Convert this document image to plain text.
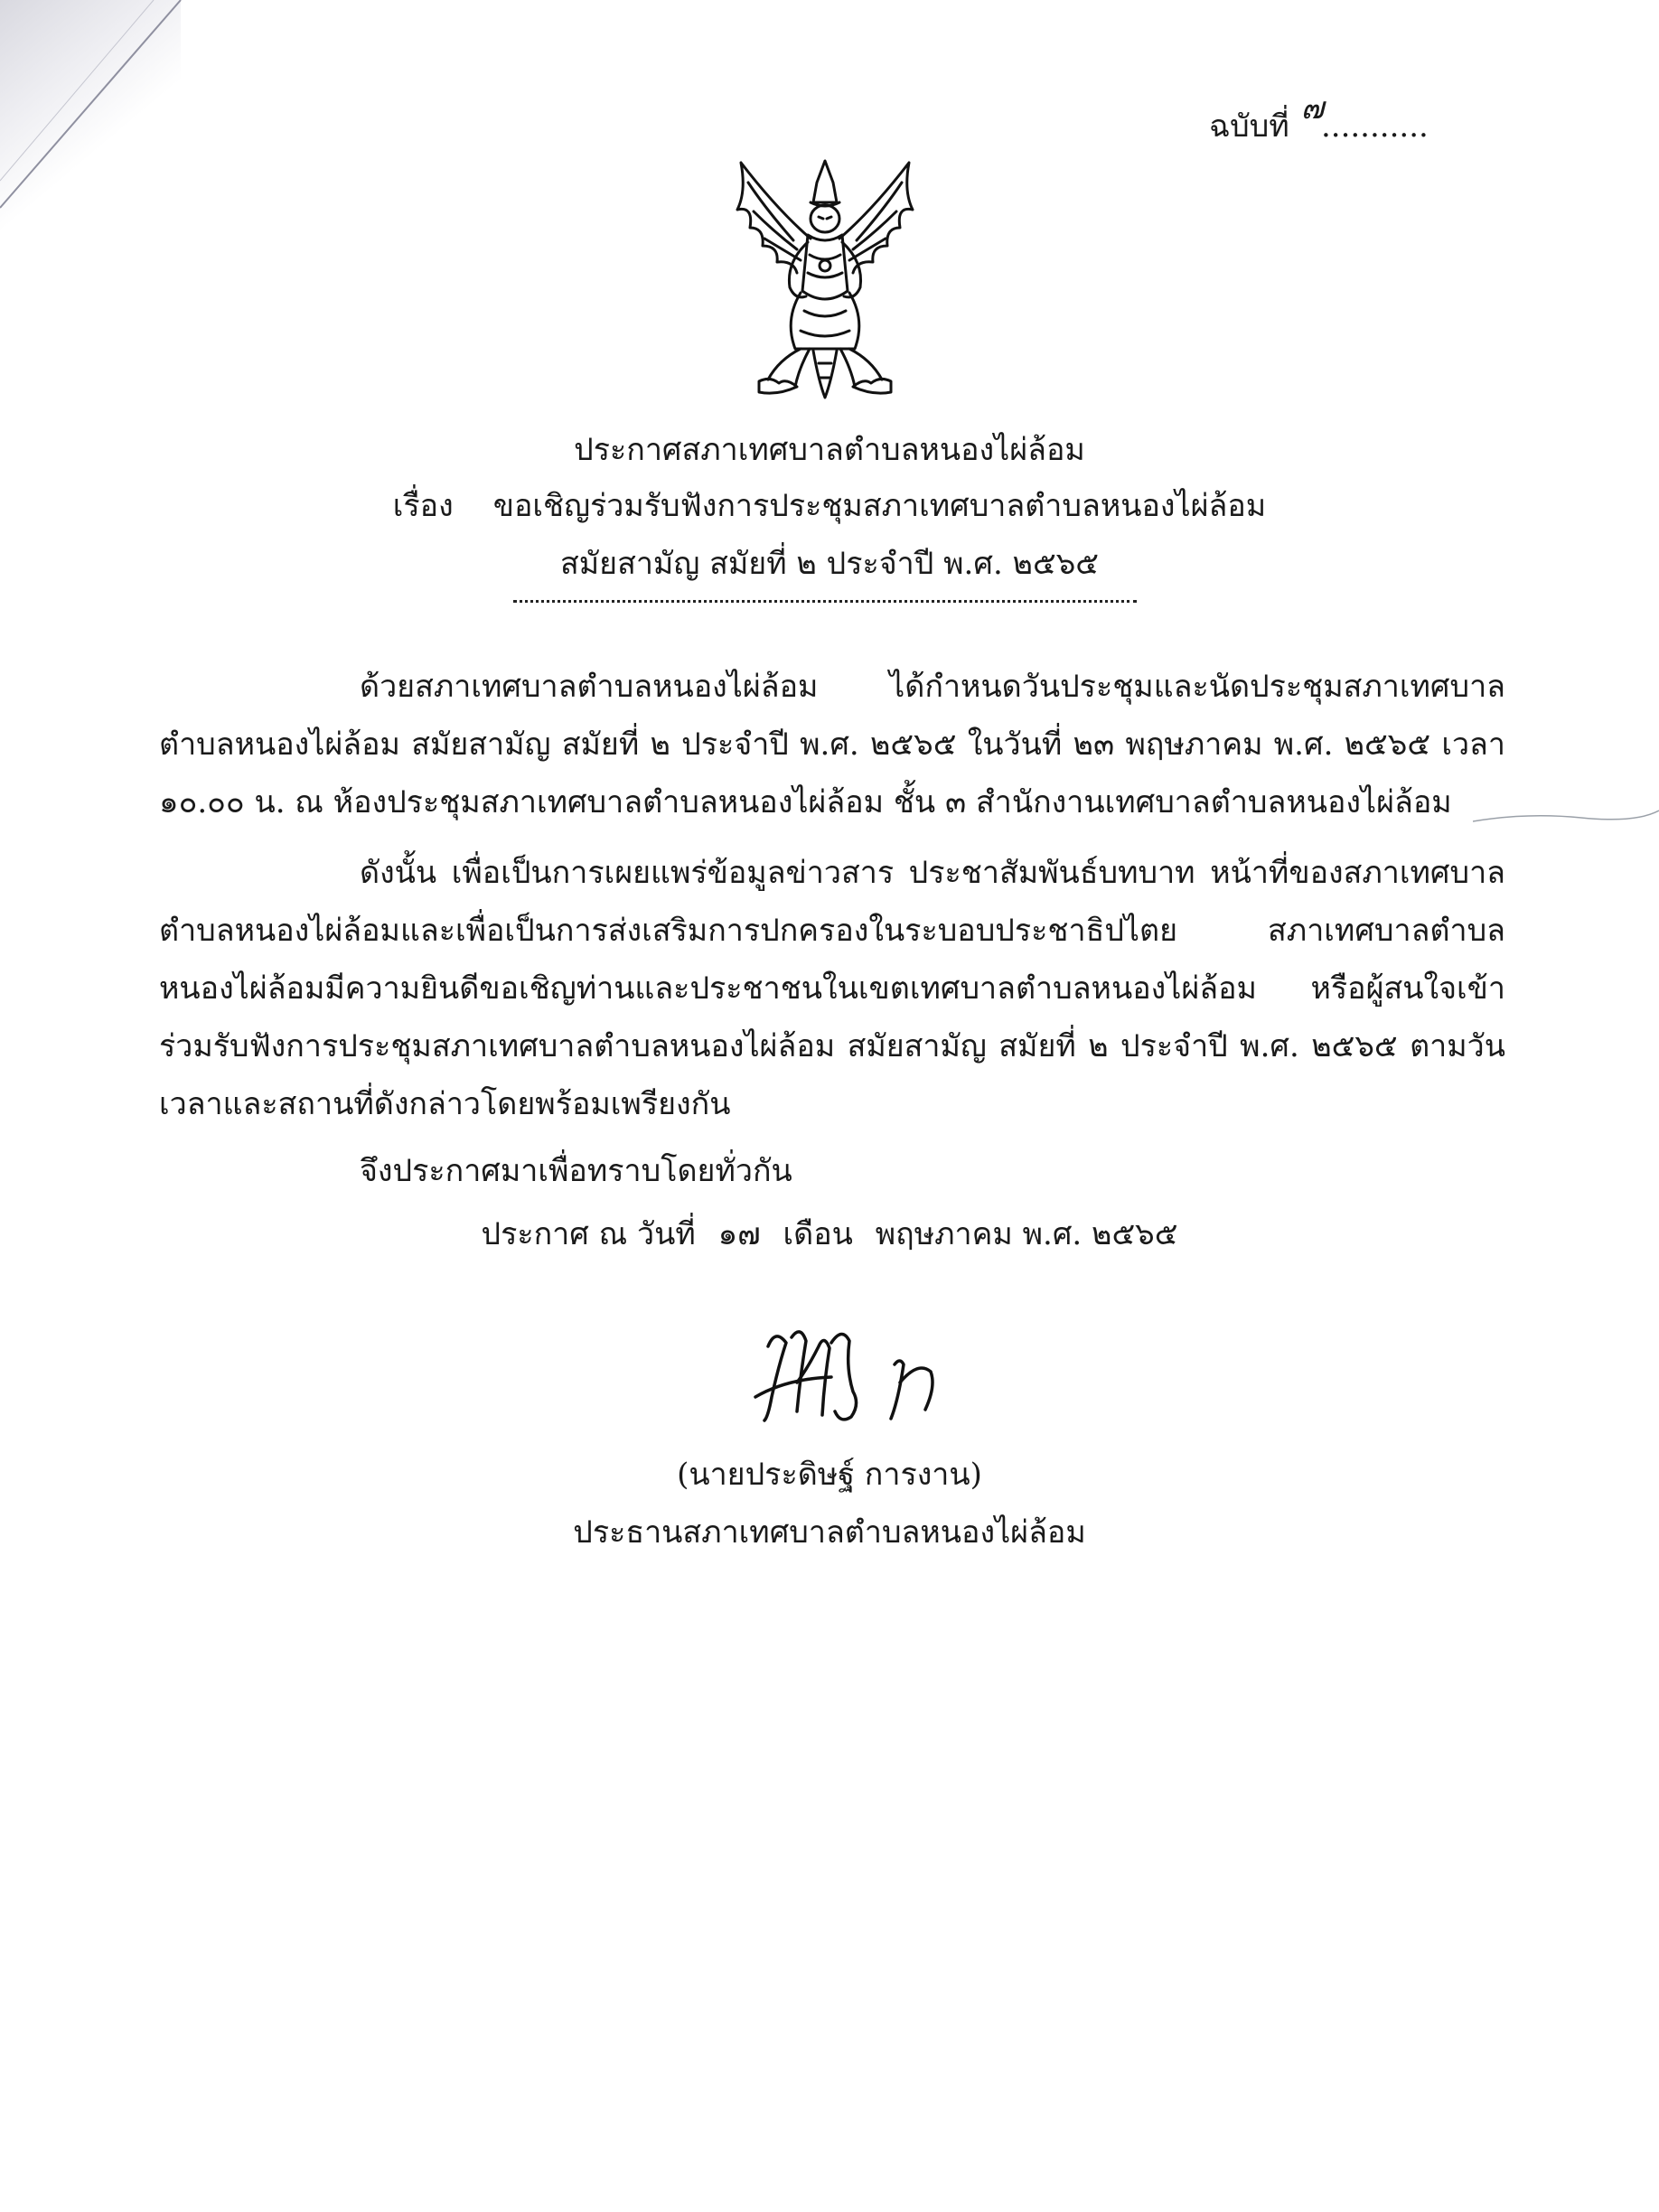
ฉบับที่ ๗ ...........
ประกาศสภาเทศบาลตำบลหนองไผ่ล้อม
เรื่อง ขอเชิญร่วมรับฟังการประชุมสภาเทศบาลตำบลหนองไผ่ล้อม
สมัยสามัญ สมัยที่ ๒ ประจำปี พ.ศ. ๒๕๖๕
ด้วยสภาเทศบาลตำบลหนองไผ่ล้อม ได้กำหนดวันประชุมและนัดประชุมสภาเทศบาลตำบลหนองไผ่ล้อม สมัยสามัญ สมัยที่ ๒ ประจำปี พ.ศ. ๒๕๖๕ ในวันที่ ๒๓ พฤษภาคม พ.ศ. ๒๕๖๕ เวลา ๑๐.๐๐ น. ณ ห้องประชุมสภาเทศบาลตำบลหนองไผ่ล้อม ชั้น ๓ สำนักงานเทศบาลตำบลหนองไผ่ล้อม
ดังนั้น เพื่อเป็นการเผยแพร่ข้อมูลข่าวสาร ประชาสัมพันธ์บทบาท หน้าที่ของสภาเทศบาลตำบลหนองไผ่ล้อมและเพื่อเป็นการส่งเสริมการปกครองในระบอบประชาธิปไตย สภาเทศบาลตำบลหนองไผ่ล้อมมีความยินดีขอเชิญท่านและประชาชนในเขตเทศบาลตำบลหนองไผ่ล้อม หรือผู้สนใจเข้าร่วมรับฟังการประชุมสภาเทศบาลตำบลหนองไผ่ล้อม สมัยสามัญ สมัยที่ ๒ ประจำปี พ.ศ. ๒๕๖๕ ตามวัน เวลาและสถานที่ดังกล่าวโดยพร้อมเพรียงกัน
จึงประกาศมาเพื่อทราบโดยทั่วกัน
ประกาศ ณ วันที่ ๑๗ เดือน พฤษภาคม พ.ศ. ๒๕๖๕
(นายประดิษฐ์ การงาน)
ประธานสภาเทศบาลตำบลหนองไผ่ล้อม
